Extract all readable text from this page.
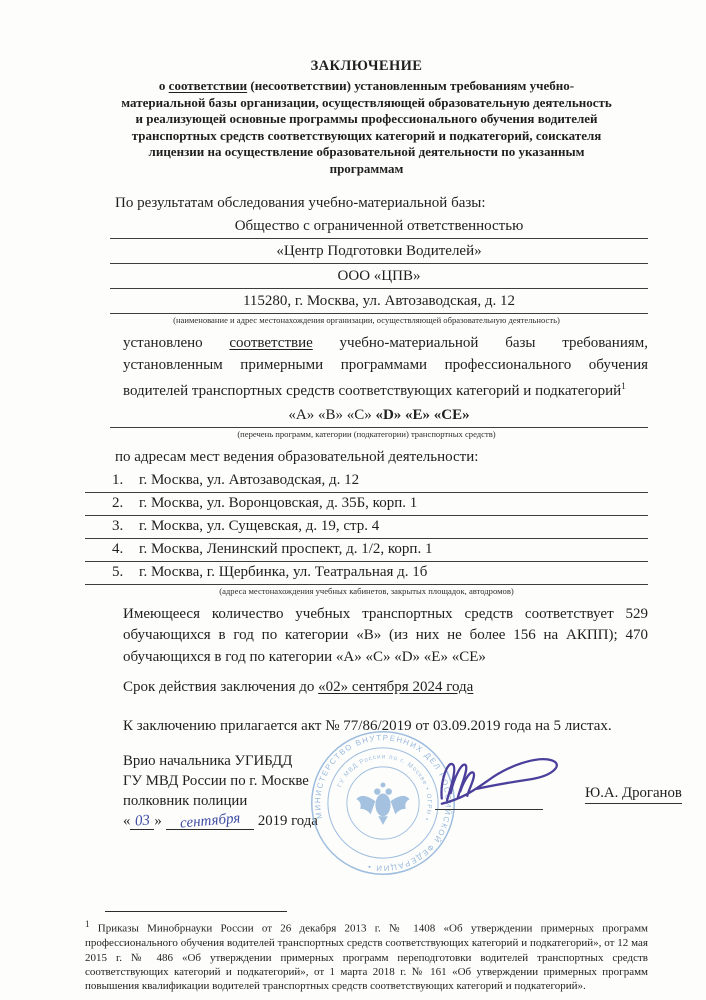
ЗАКЛЮЧЕНИЕ
о соответствии (несоответствии) установленным требованиям учебно-материальной базы организации, осуществляющей образовательную деятельность и реализующей основные программы профессионального обучения водителей транспортных средств соответствующих категорий и подкатегорий, соискателя лицензии на осуществление образовательной деятельности по указанным программам
По результатам обследования учебно-материальной базы:
Общество с ограниченной ответственностью
«Центр Подготовки Водителей»
ООО «ЦПВ»
115280, г. Москва, ул. Автозаводская, д. 12
(наименование и адрес местонахождения организации, осуществляющей образовательную деятельность)
установлено соответствие учебно-материальной базы требованиям, установленным примерными программами профессионального обучения водителей транспортных средств соответствующих категорий и подкатегорий$^1$
«А» «В» «С» «D» «Е» «СЕ»
(перечень программ, категории (подкатегории) транспортных средств)
по адресам мест ведения образовательной деятельности:
1.	г. Москва, ул. Автозаводская, д. 12
2.	г. Москва, ул. Воронцовская, д. 35Б, корп. 1
3.	г. Москва, ул. Сущевская, д. 19, стр. 4
4.	г. Москва, Ленинский проспект, д. 1/2, корп. 1
5.	г. Москва, г. Щербинка, ул. Театральная д. 1б
(адреса местонахождения учебных кабинетов, закрытых площадок, автодромов)
Имеющееся количество учебных транспортных средств соответствует 529 обучающихся в год по категории «В» (из них не более 156 на АКПП); 470 обучающихся в год по категории «А» «С» «D» «Е» «СЕ»
Срок действия заключения до «02» сентября 2024 года
К заключению прилагается акт № 77/86/2019 от 03.09.2019 года на 5 листах.
Врио начальника УГИБДД
ГУ МВД России по г. Москве
полковник полиции
« 03 » сентября 2019 года
МИНИСТЕРСТВО ВНУТРЕННИХ ДЕЛ РОССИЙСКОЙ ФЕДЕРАЦИИ •
ГУ МВД России по г. Москве • ОГРН •
Ю.А. Дроганов
$^1$ Приказы Минобрнауки России от 26 декабря 2013 г. № 1408 «Об утверждении примерных программ профессионального обучения водителей транспортных средств соответствующих категорий и подкатегорий», от 12 мая 2015 г. № 486 «Об утверждении примерных программ переподготовки водителей транспортных средств соответствующих категорий и подкатегорий», от 1 марта 2018 г. № 161 «Об утверждении примерных программ повышения квалификации водителей транспортных средств соответствующих категорий и подкатегорий».
